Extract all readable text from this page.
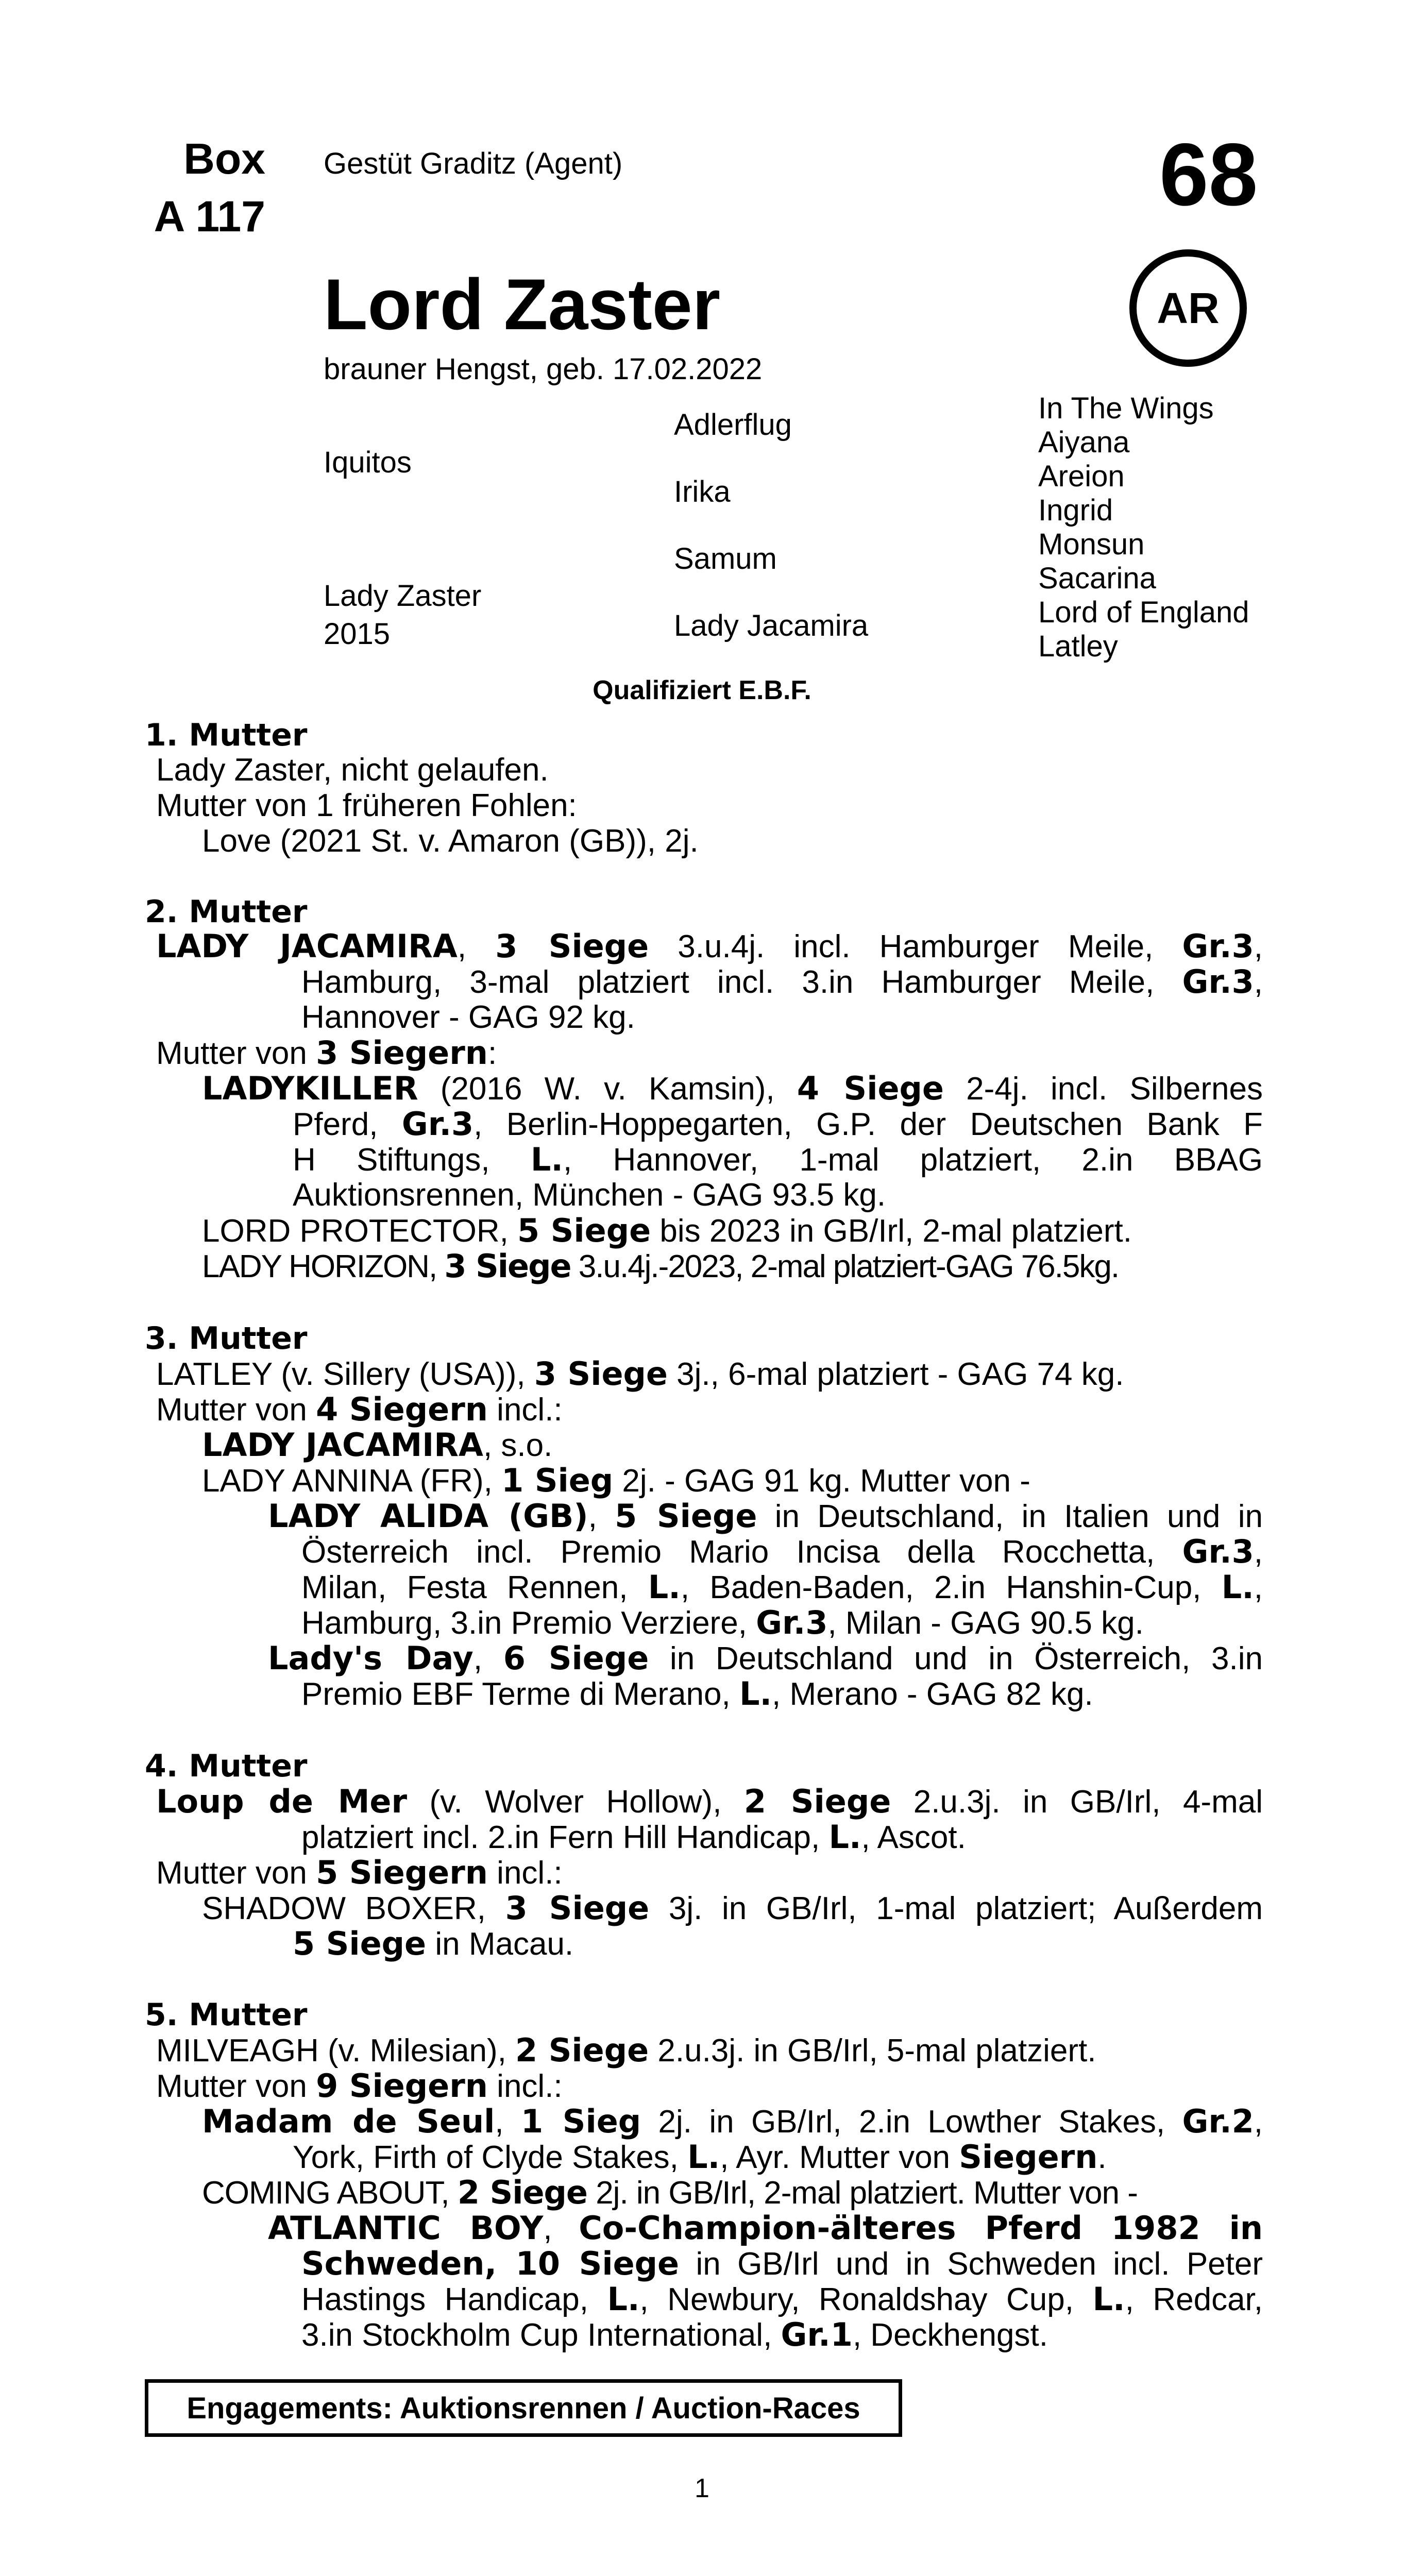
Box
A 117
Gestüt Graditz (Agent)	68
AR
Lord Zaster
brauner Hengst, geb. 17.02.2022
Iquitos
Lady Zaster
2015
Adlerflug
Irika
Samum
Lady Jacamira
In The Wings
Aiyana
Areion
Ingrid
Monsun
Sacarina
Lord of England
Latley
Qualifiziert E.B.F.
1. Mutter
Lady Zaster, nicht gelaufen.
Mutter von 1 früheren Fohlen:
Love (2021 St. v. Amaron (GB)), 2j.
2. Mutter
LADY JACAMIRA, 3 Siege 3.u.4j. incl. Hamburger Meile, Gr.3,
Hamburg, 3-mal platziert incl. 3.in Hamburger Meile, Gr.3,
Hannover - GAG 92 kg.
Mutter von 3 Siegern:
LADYKILLER (2016 W. v. Kamsin), 4 Siege 2-4j. incl. Silbernes
Pferd, Gr.3, Berlin-Hoppegarten, G.P. der Deutschen Bank F
H Stiftungs, L., Hannover, 1-mal platziert, 2.in BBAG
Auktionsrennen, München - GAG 93.5 kg.
LORD PROTECTOR, 5 Siege bis 2023 in GB/Irl, 2-mal platziert.
LADY HORIZON, 3 Siege 3.u.4j.-2023, 2-mal platziert-GAG 76.5kg.
3. Mutter
LATLEY (v. Sillery (USA)), 3 Siege 3j., 6-mal platziert - GAG 74 kg.
Mutter von 4 Siegern incl.:
LADY JACAMIRA, s.o.
LADY ANNINA (FR), 1 Sieg 2j. - GAG 91 kg. Mutter von -
LADY ALIDA (GB), 5 Siege in Deutschland, in Italien und in
Österreich incl. Premio Mario Incisa della Rocchetta, Gr.3,
Milan, Festa Rennen, L., Baden-Baden, 2.in Hanshin-Cup, L.,
Hamburg, 3.in Premio Verziere, Gr.3, Milan - GAG 90.5 kg.
Lady's Day, 6 Siege in Deutschland und in Österreich, 3.in
Premio EBF Terme di Merano, L., Merano - GAG 82 kg.
4. Mutter
Loup de Mer (v. Wolver Hollow), 2 Siege 2.u.3j. in GB/Irl, 4-mal
platziert incl. 2.in Fern Hill Handicap, L., Ascot.
Mutter von 5 Siegern incl.:
SHADOW BOXER, 3 Siege 3j. in GB/Irl, 1-mal platziert; Außerdem
5 Siege in Macau.
5. Mutter
MILVEAGH (v. Milesian), 2 Siege 2.u.3j. in GB/Irl, 5-mal platziert.
Mutter von 9 Siegern incl.:
Madam de Seul, 1 Sieg 2j. in GB/Irl, 2.in Lowther Stakes, Gr.2,
York, Firth of Clyde Stakes, L., Ayr. Mutter von Siegern.
COMING ABOUT, 2 Siege 2j. in GB/Irl, 2-mal platziert. Mutter von -
ATLANTIC BOY, Co-Champion-älteres Pferd 1982 in
Schweden, 10 Siege in GB/Irl und in Schweden incl. Peter
Hastings Handicap, L., Newbury, Ronaldshay Cup, L., Redcar,
3.in Stockholm Cup International, Gr.1, Deckhengst.
Engagements: Auktionsrennen / Auction-Races
1
